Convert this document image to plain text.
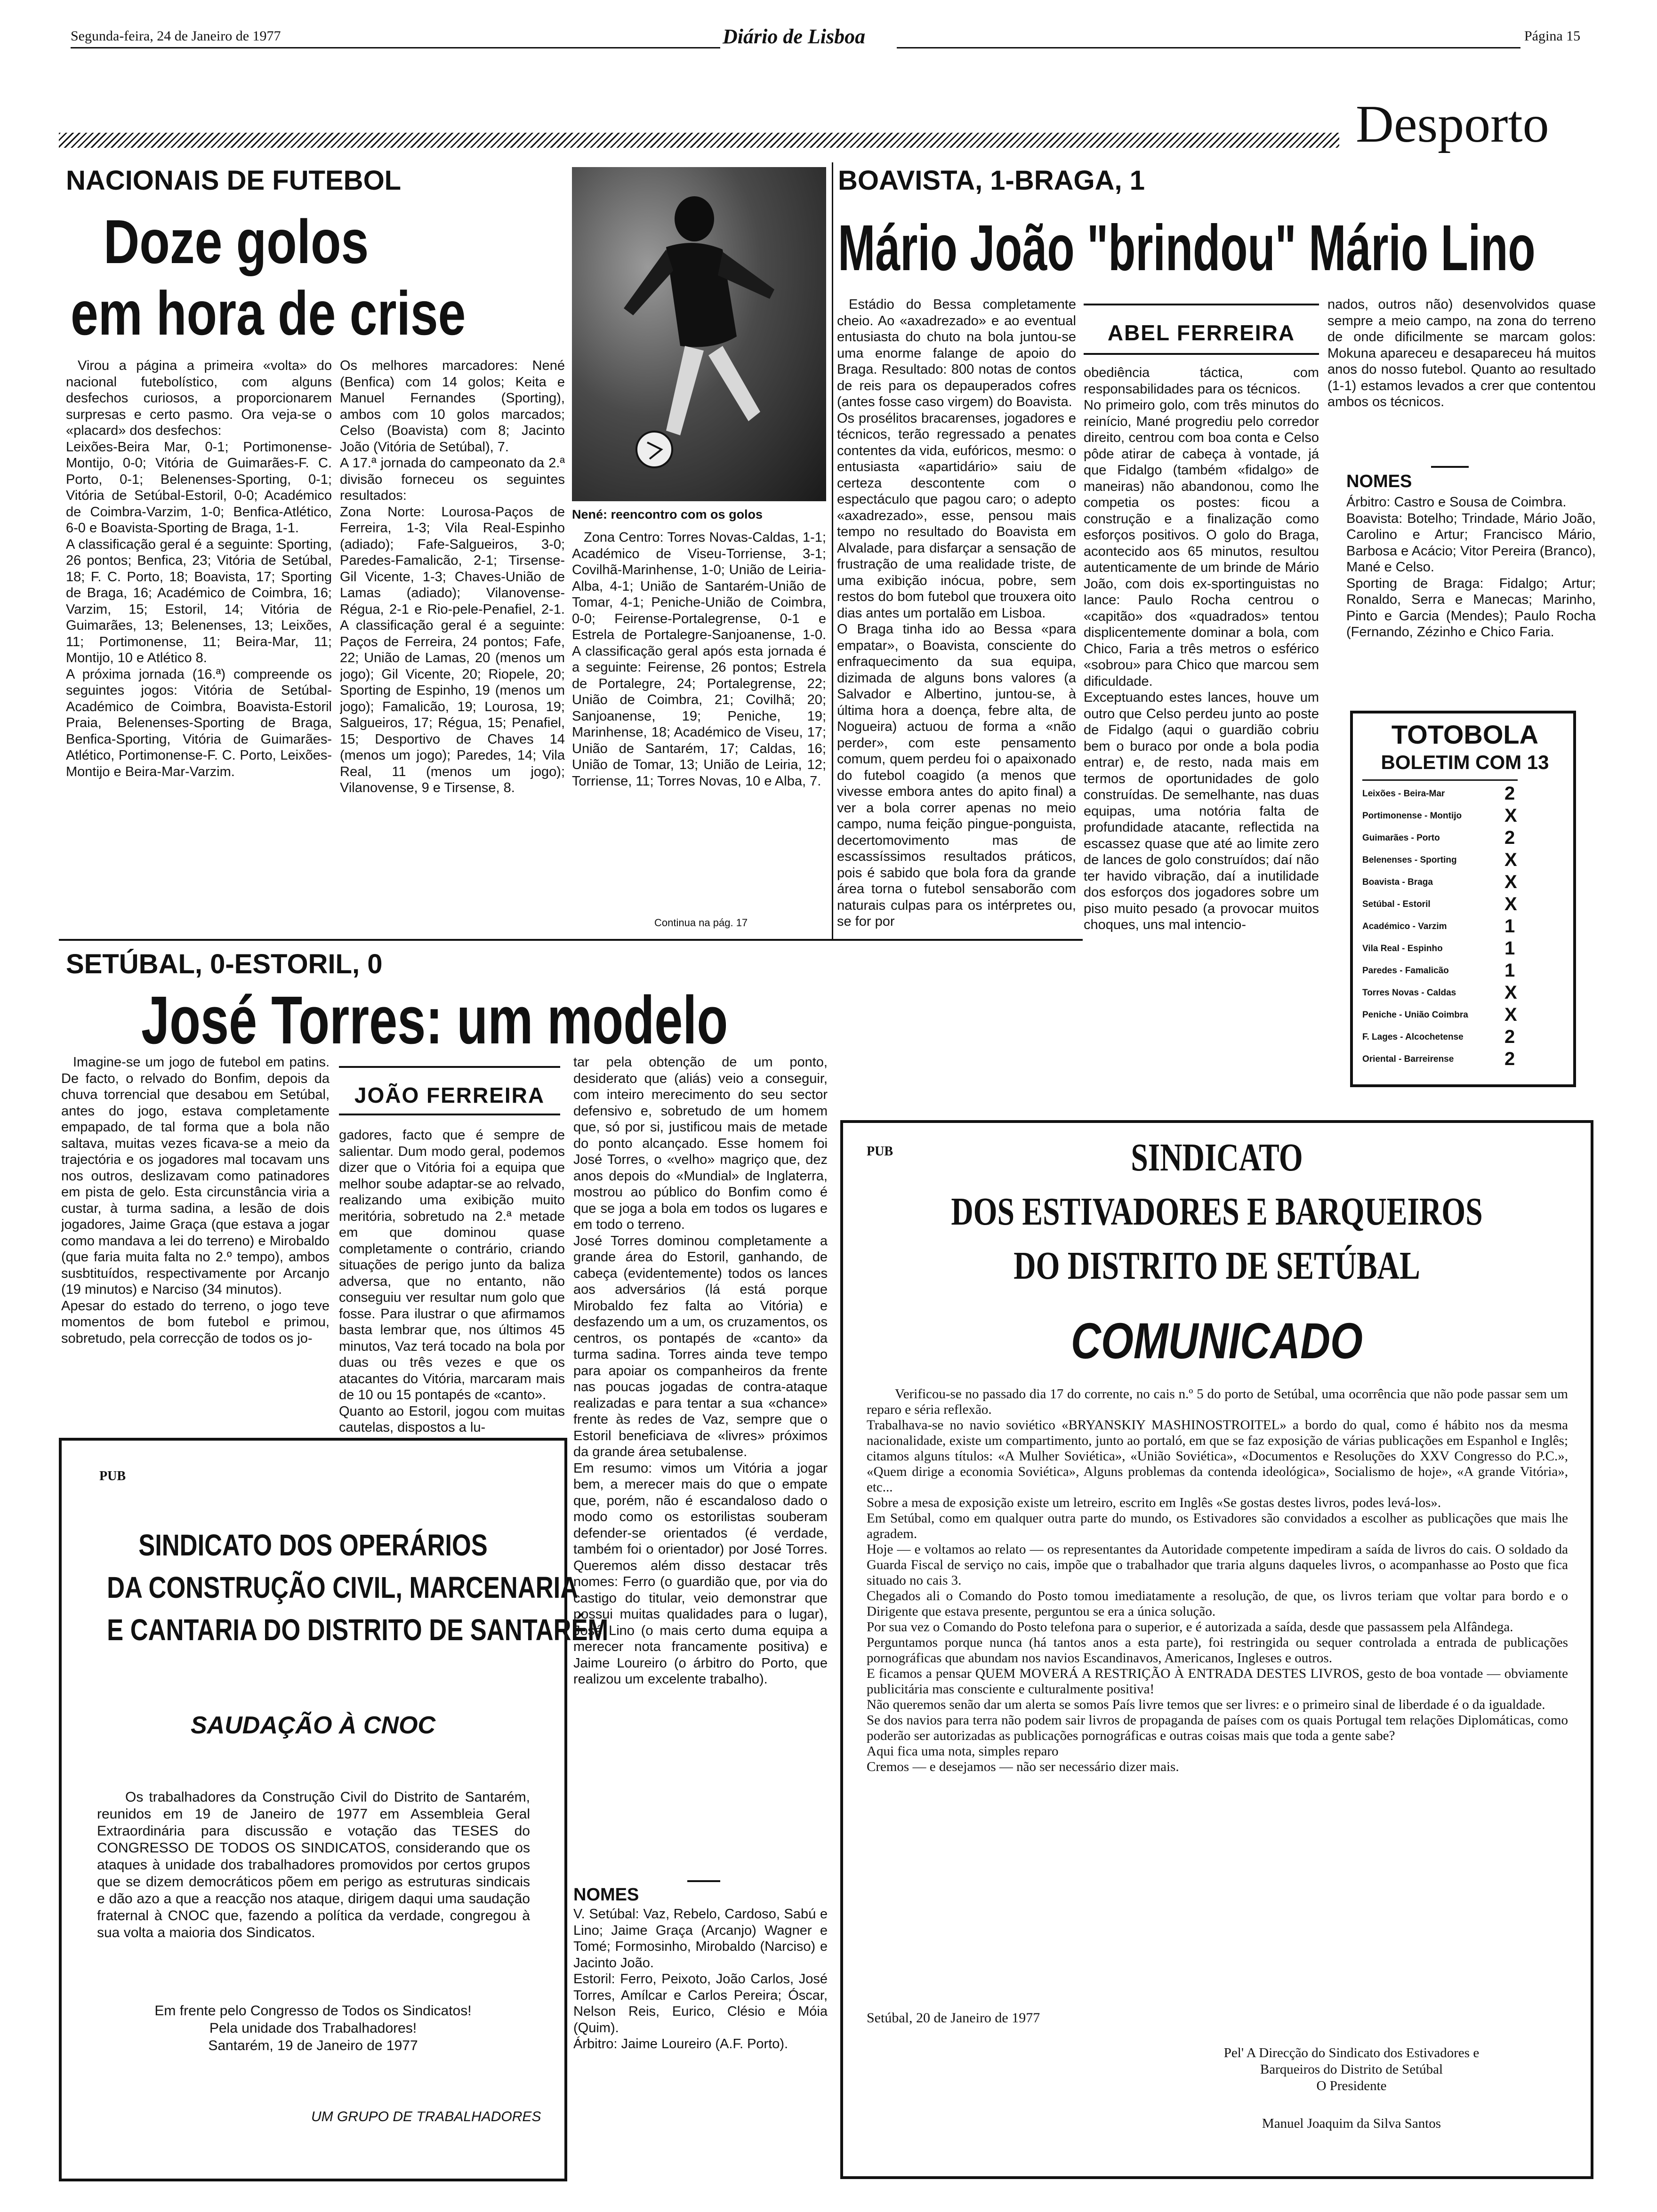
Segunda-feira, 24 de Janeiro de 1977	Diário de Lisboa	Página 15
Desporto
NACIONAIS DE FUTEBOL
Doze golos
em hora de crise
Virou a página a primeira «volta» do nacional futebolístico, com alguns desfechos curiosos, a proporcionarem surpresas e certo pasmo. Ora veja-se o «placard» dos desfechos:
Leixões-Beira Mar, 0-1; Portimonense-Montijo, 0-0; Vitória de Guimarães-F. C. Porto, 0-1; Belenenses-Sporting, 0-1; Vitória de Setúbal-Estoril, 0-0; Académico de Coimbra-Varzim, 1-0; Benfica-Atlético, 6-0 e Boavista-Sporting de Braga, 1-1.
A classificação geral é a seguinte: Sporting, 26 pontos; Benfica, 23; Vitória de Setúbal, 18; F. C. Porto, 18; Boavista, 17; Sporting de Braga, 16; Académico de Coimbra, 16; Varzim, 15; Estoril, 14; Vitória de Guimarães, 13; Belenenses, 13; Leixões, 11; Portimonense, 11; Beira-Mar, 11; Montijo, 10 e Atlético 8.
A próxima jornada (16.ª) compreende os seguintes jogos: Vitória de Setúbal-Académico de Coimbra, Boavista-Estoril Praia, Belenenses-Sporting de Braga, Benfica-Sporting, Vitória de Guimarães-Atlético, Portimonense-F. C. Porto, Leixões-Montijo e Beira-Mar-Varzim.
Os melhores marcadores: Nené (Benfica) com 14 golos; Keita e Manuel Fernandes (Sporting), ambos com 10 golos marcados; Celso (Boavista) com 8; Jacinto João (Vitória de Setúbal), 7.
A 17.ª jornada do campeonato da 2.ª divisão forneceu os seguintes resultados:
Zona Norte: Lourosa-Paços de Ferreira, 1-3; Vila Real-Espinho (adiado); Fafe-Salgueiros, 3-0; Paredes-Famalicão, 2-1; Tirsense-Gil Vicente, 1-3; Chaves-União de Lamas (adiado); Vilanovense-Régua, 2-1 e Rio-pele-Penafiel, 2-1. A classificação geral é a seguinte: Paços de Ferreira, 24 pontos; Fafe, 22; União de Lamas, 20 (menos um jogo); Gil Vicente, 20; Riopele, 20; Sporting de Espinho, 19 (menos um jogo); Famalicão, 19; Lourosa, 19; Salgueiros, 17; Régua, 15; Penafiel, 15; Desportivo de Chaves 14 (menos um jogo); Paredes, 14; Vila Real, 11 (menos um jogo); Vilanovense, 9 e Tirsense, 8.
Nené: reencontro com os golos
Zona Centro: Torres Novas-Caldas, 1-1; Académico de Viseu-Torriense, 3-1; Covilhã-Marinhense, 1-0; União de Leiria-Alba, 4-1; União de Santarém-União de Tomar, 4-1; Peniche-União de Coimbra, 0-0; Feirense-Portalegrense, 0-1 e Estrela de Portalegre-Sanjoanense, 1-0. A classificação geral após esta jornada é a seguinte: Feirense, 26 pontos; Estrela de Portalegre, 24; Portalegrense, 22; União de Coimbra, 21; Covilhã; 20; Sanjoanense, 19; Peniche, 19; Marinhense, 18; Académico de Viseu, 17; União de Santarém, 17; Caldas, 16; União de Tomar, 13; União de Leiria, 12; Torriense, 11; Torres Novas, 10 e Alba, 7.
Continua na pág. 17
BOAVISTA, 1-BRAGA, 1
Mário João "brindou" Mário Lino
Estádio do Bessa completamente cheio. Ao «axadrezado» e ao eventual entusiasta do chuto na bola juntou-se uma enorme falange de apoio do Braga. Resultado: 800 notas de contos de reis para os depauperados cofres (antes fosse caso virgem) do Boavista.
Os prosélitos bracarenses, jogadores e técnicos, terão regressado a penates contentes da vida, eufóricos, mesmo: o entusiasta «apartidário» saiu de certeza descontente com o espectáculo que pagou caro; o adepto «axadrezado», esse, pensou mais tempo no resultado do Boavista em Alvalade, para disfarçar a sensação de frustração de uma realidade triste, de uma exibição inócua, pobre, sem restos do bom futebol que trouxera oito dias antes um portalão em Lisboa.
O Braga tinha ido ao Bessa «para empatar», o Boavista, consciente do enfraquecimento da sua equipa, dizimada de alguns bons valores (a Salvador e Albertino, juntou-se, à última hora a doença, febre alta, de Nogueira) actuou de forma a «não perder», com este pensamento comum, quem perdeu foi o apaixonado do futebol coagido (a menos que vivesse embora antes do apito final) a ver a bola correr apenas no meio campo, numa feição pingue-ponguista, decertomovimento mas de escassíssimos resultados práticos, pois é sabido que bola fora da grande área torna o futebol sensaborão com naturais culpas para os intérpretes ou, se for por
ABEL FERREIRA
obediência táctica, com responsabilidades para os técnicos.
No primeiro golo, com três minutos do reinício, Mané progrediu pelo corredor direito, centrou com boa conta e Celso pôde atirar de cabeça à vontade, já que Fidalgo (também «fidalgo» de maneiras) não abandonou, como lhe competia os postes: ficou a construção e a finalização como esforços positivos. O golo do Braga, acontecido aos 65 minutos, resultou autenticamente de um brinde de Mário João, com dois ex-sportinguistas no lance: Paulo Rocha centrou o «capitão» dos «quadrados» tentou displicentemente dominar a bola, com Chico, Faria a três metros o esférico «sobrou» para Chico que marcou sem dificuldade.
Exceptuando estes lances, houve um outro que Celso perdeu junto ao poste de Fidalgo (aqui o guardião cobriu bem o buraco por onde a bola podia entrar) e, de resto, nada mais em termos de oportunidades de golo construídas. De semelhante, nas duas equipas, uma notória falta de profundidade atacante, reflectida na escassez quase que até ao limite zero de lances de golo construídos; daí não ter havido vibração, daí a inutilidade dos esforços dos jogadores sobre um piso muito pesado (a provocar muitos choques, uns mal intencio-
nados, outros não) desenvolvidos quase sempre a meio campo, na zona do terreno de onde dificilmente se marcam golos: Mokuna apareceu e desapareceu há muitos anos do nosso futebol. Quanto ao resultado (1-1) estamos levados a crer que contentou ambos os técnicos.
NOMES
Árbitro: Castro e Sousa de Coimbra.
Boavista: Botelho; Trindade, Mário João, Carolino e Artur; Francisco Mário, Barbosa e Acácio; Vitor Pereira (Branco), Mané e Celso.
Sporting de Braga: Fidalgo; Artur; Ronaldo, Serra e Manecas; Marinho, Pinto e Garcia (Mendes); Paulo Rocha (Fernando, Zézinho e Chico Faria.
TOTOBOLA
BOLETIM COM 13
Leixões - Beira-Mar	2
Portimonense - Montijo X
Guimarães - Porto	2
Belenenses - Sporting	X
Boavista - Braga	X
Setúbal - Estoril	X
Académico - Varzim	1
Vila Real - Espinho	1
Paredes - Famalicão	1
Torres Novas - Caldas	X
Peniche - União Coimbra X
F. Lages - Alcochetense 2
Oriental - Barreirense	2
SETÚBAL, 0-ESTORIL, 0
José Torres: um modelo
Imagine-se um jogo de futebol em patins. De facto, o relvado do Bonfim, depois da chuva torrencial que desabou em Setúbal, antes do jogo, estava completamente empapado, de tal forma que a bola não saltava, muitas vezes ficava-se a meio da trajectória e os jogadores mal tocavam uns nos outros, deslizavam como patinadores em pista de gelo. Esta circunstância viria a custar, à turma sadina, a lesão de dois jogadores, Jaime Graça (que estava a jogar como mandava a lei do terreno) e Mirobaldo (que faria muita falta no 2.º tempo), ambos susbtituídos, respectivamente por Arcanjo (19 minutos) e Narciso (34 minutos).
Apesar do estado do terreno, o jogo teve momentos de bom futebol e primou, sobretudo, pela correcção de todos os jo-
JOÃO FERREIRA
gadores, facto que é sempre de salientar. Dum modo geral, podemos dizer que o Vitória foi a equipa que melhor soube adaptar-se ao relvado, realizando uma exibição muito meritória, sobretudo na 2.ª metade em que dominou quase completamente o contrário, criando situações de perigo junto da baliza adversa, que no entanto, não conseguiu ver resultar num golo que fosse. Para ilustrar o que afirmamos basta lembrar que, nos últimos 45 minutos, Vaz terá tocado na bola por duas ou três vezes e que os atacantes do Vitória, marcaram mais de 10 ou 15 pontapés de «canto».
Quanto ao Estoril, jogou com muitas cautelas, dispostos a lu-
tar pela obtenção de um ponto, desiderato que (aliás) veio a conseguir, com inteiro merecimento do seu sector defensivo e, sobretudo de um homem que, só por si, justificou mais de metade do ponto alcançado. Esse homem foi José Torres, o «velho» magriço que, dez anos depois do «Mundial» de Inglaterra, mostrou ao público do Bonfim como é que se joga a bola em todos os lugares e em todo o terreno.
José Torres dominou completamente a grande área do Estoril, ganhando, de cabeça (evidentemente) todos os lances aos adversários (lá está porque Mirobaldo fez falta ao Vitória) e desfazendo um a um, os cruzamentos, os centros, os pontapés de «canto» da turma sadina. Torres ainda teve tempo para apoiar os companheiros da frente nas poucas jogadas de contra-ataque realizadas e para tentar a sua «chance» frente às redes de Vaz, sempre que o Estoril beneficiava de «livres» próximos da grande área setubalense.
Em resumo: vimos um Vitória a jogar bem, a merecer mais do que o empate que, porém, não é escandaloso dado o modo como os estorilistas souberam defender-se orientados (é verdade, também foi o orientador) por José Torres. Queremos além disso destacar três nomes: Ferro (o guardião que, por via do castigo do titular, veio demonstrar que possui muitas qualidades para o lugar), José Lino (o mais certo duma equipa a merecer nota francamente positiva) e Jaime Loureiro (o árbitro do Porto, que realizou um excelente trabalho).
NOMES
V. Setúbal: Vaz, Rebelo, Cardoso, Sabú e Lino; Jaime Graça (Arcanjo) Wagner e Tomé; Formosinho, Mirobaldo (Narciso) e Jacinto João.
Estoril: Ferro, Peixoto, João Carlos, José Torres, Amílcar e Carlos Pereira; Óscar, Nelson Reis, Eurico, Clésio e Móia (Quim).
Árbitro: Jaime Loureiro (A.F. Porto).
PUB
SINDICATO DOS OPERÁRIOS
DA CONSTRUÇÃO CIVIL, MARCENARIA
E CANTARIA DO DISTRITO DE SANTARÉM
SAUDAÇÃO À CNOC
Os trabalhadores da Construção Civil do Distrito de Santarém, reunidos em 19 de Janeiro de 1977 em Assembleia Geral Extraordinária para discussão e votação das TESES do CONGRESSO DE TODOS OS SINDICATOS, considerando que os ataques à unidade dos trabalhadores promovidos por certos grupos que se dizem democráticos põem em perigo as estruturas sindicais e dão azo a que a reacção nos ataque, dirigem daqui uma saudação fraternal à CNOC que, fazendo a política da verdade, congregou à sua volta a maioria dos Sindicatos.
Em frente pelo Congresso de Todos os Sindicatos!
Pela unidade dos Trabalhadores!
Santarém, 19 de Janeiro de 1977
UM GRUPO DE TRABALHADORES
PUB	SINDICATO
DOS ESTIVADORES E BARQUEIROS
DO DISTRITO DE SETÚBAL
COMUNICADO
Verificou-se no passado dia 17 do corrente, no cais n.º 5 do porto de Setúbal, uma ocorrência que não pode passar sem um reparo e séria reflexão.
Trabalhava-se no navio soviético «BRYANSKIY MASHINOSTROITEL» a bordo do qual, como é hábito nos da mesma nacionalidade, existe um compartimento, junto ao portaló, em que se faz exposição de várias publicações em Espanhol e Inglês; citamos alguns títulos: «A Mulher Soviética», «União Soviética», «Documentos e Resoluções do XXV Congresso do P.C.», «Quem dirige a economia Soviética», Alguns problemas da contenda ideológica», Socialismo de hoje», «A grande Vitória», etc...
Sobre a mesa de exposição existe um letreiro, escrito em Inglês «Se gostas destes livros, podes levá-los».
Em Setúbal, como em qualquer outra parte do mundo, os Estivadores são convidados a escolher as publicações que mais lhe agradem.
Hoje — e voltamos ao relato — os representantes da Autoridade competente impediram a saída de livros do cais. O soldado da Guarda Fiscal de serviço no cais, impõe que o trabalhador que traria alguns daqueles livros, o acompanhasse ao Posto que fica situado no cais 3.
Chegados ali o Comando do Posto tomou imediatamente a resolução, de que, os livros teriam que voltar para bordo e o Dirigente que estava presente, perguntou se era a única solução.
Por sua vez o Comando do Posto telefona para o superior, e é autorizada a saída, desde que passassem pela Alfândega.
Perguntamos porque nunca (há tantos anos a esta parte), foi restringida ou sequer controlada a entrada de publicações pornográficas que abundam nos navios Escandinavos, Americanos, Ingleses e outros.
E ficamos a pensar QUEM MOVERÁ A RESTRIÇÃO À ENTRADA DESTES LIVROS, gesto de boa vontade — obviamente publicitária mas consciente e culturalmente positiva!
Não queremos senão dar um alerta se somos País livre temos que ser livres: e o primeiro sinal de liberdade é o da igualdade.
Se dos navios para terra não podem sair livros de propaganda de países com os quais Portugal tem relações Diplomáticas, como poderão ser autorizadas as publicações pornográficas e outras coisas mais que toda a gente sabe?
Aqui fica uma nota, simples reparo
Cremos — e desejamos — não ser necessário dizer mais.
Setúbal, 20 de Janeiro de 1977
Pel' A Direcção do Sindicato dos Estivadores e
Barqueiros do Distrito de Setúbal
O Presidente
Manuel Joaquim da Silva Santos
